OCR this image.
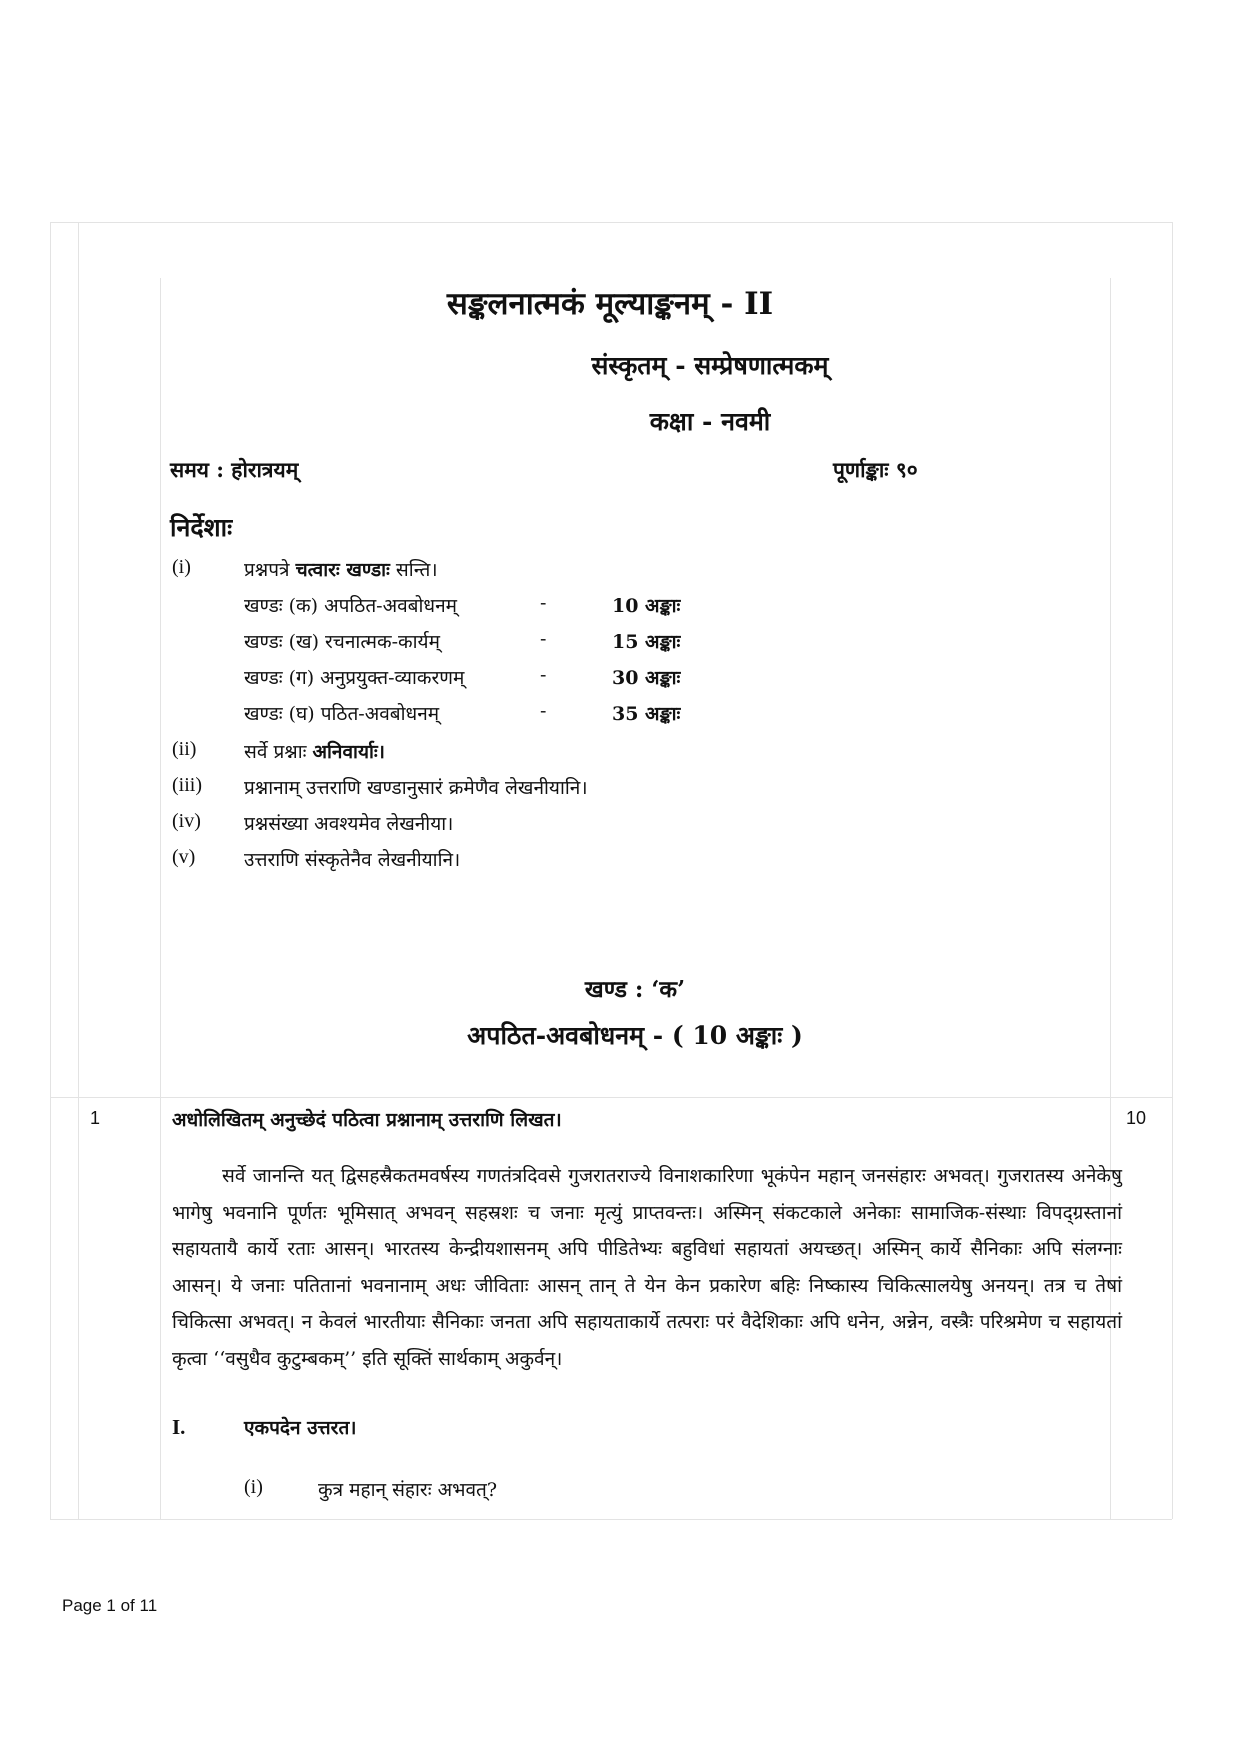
सङ्कलनात्मकं मूल्याङ्कनम् - II
संस्कृतम् - सम्प्रेषणात्मकम्
कक्षा - नवमी
समय : होरात्रयम्	पूर्णाङ्काः ९०
निर्देशाः
(i)	प्रश्नपत्रे चत्वारः खण्डाः सन्ति।
खण्डः (क) अपठित-अवबोधनम्	-	10 अङ्काः
खण्डः (ख) रचनात्मक-कार्यम्	-	15 अङ्काः
खण्डः (ग) अनुप्रयुक्त-व्याकरणम्	-	30 अङ्काः
खण्डः (घ) पठित-अवबोधनम्	-	35 अङ्काः
(ii)	सर्वे प्रश्नाः अनिवार्याः।
(iii) प्रश्नानाम् उत्तराणि खण्डानुसारं क्रमेणैव लेखनीयानि।
(iv) प्रश्नसंख्या अवश्यमेव लेखनीया।
(v)	उत्तराणि संस्कृतेनैव लेखनीयानि।
खण्ड : ‘क’
अपठित-अवबोधनम् - ( 10 अङ्काः )
1	10
अधोलिखितम् अनुच्छेदं पठित्वा प्रश्नानाम् उत्तराणि लिखत।
सर्वे जानन्ति यत् द्विसहस्रैकतमवर्षस्य गणतंत्रदिवसे गुजरातराज्ये विनाशकारिणा भूकंपेन महान् जनसंहारः अभवत्। गुजरातस्य अनेकेषु भागेषु भवनानि पूर्णतः भूमिसात् अभवन् सहस्रशः च जनाः मृत्युं प्राप्तवन्तः। अस्मिन् संकटकाले अनेकाः सामाजिक-संस्थाः विपद्ग्रस्तानां सहायतायै कार्ये रताः आसन्। भारतस्य केन्द्रीयशासनम् अपि पीडितेभ्यः बहुविधां सहायतां अयच्छत्। अस्मिन् कार्ये सैनिकाः अपि संलग्नाः आसन्। ये जनाः पतितानां भवनानाम् अधः जीविताः आसन् तान् ते येन केन प्रकारेण बहिः निष्कास्य चिकित्सालयेषु अनयन्। तत्र च तेषां चिकित्सा अभवत्। न केवलं भारतीयाः सैनिकाः जनता अपि सहायताकार्ये तत्पराः परं वैदेशिकाः अपि धनेन, अन्नेन, वस्त्रैः परिश्रमेण च सहायतां कृत्वा ‘‘वसुधैव कुटुम्बकम्’’ इति सूक्तिं सार्थकाम् अकुर्वन्।
I.	एकपदेन उत्तरत।
(i)	कुत्र महान् संहारः अभवत्?
Page 1 of 11
